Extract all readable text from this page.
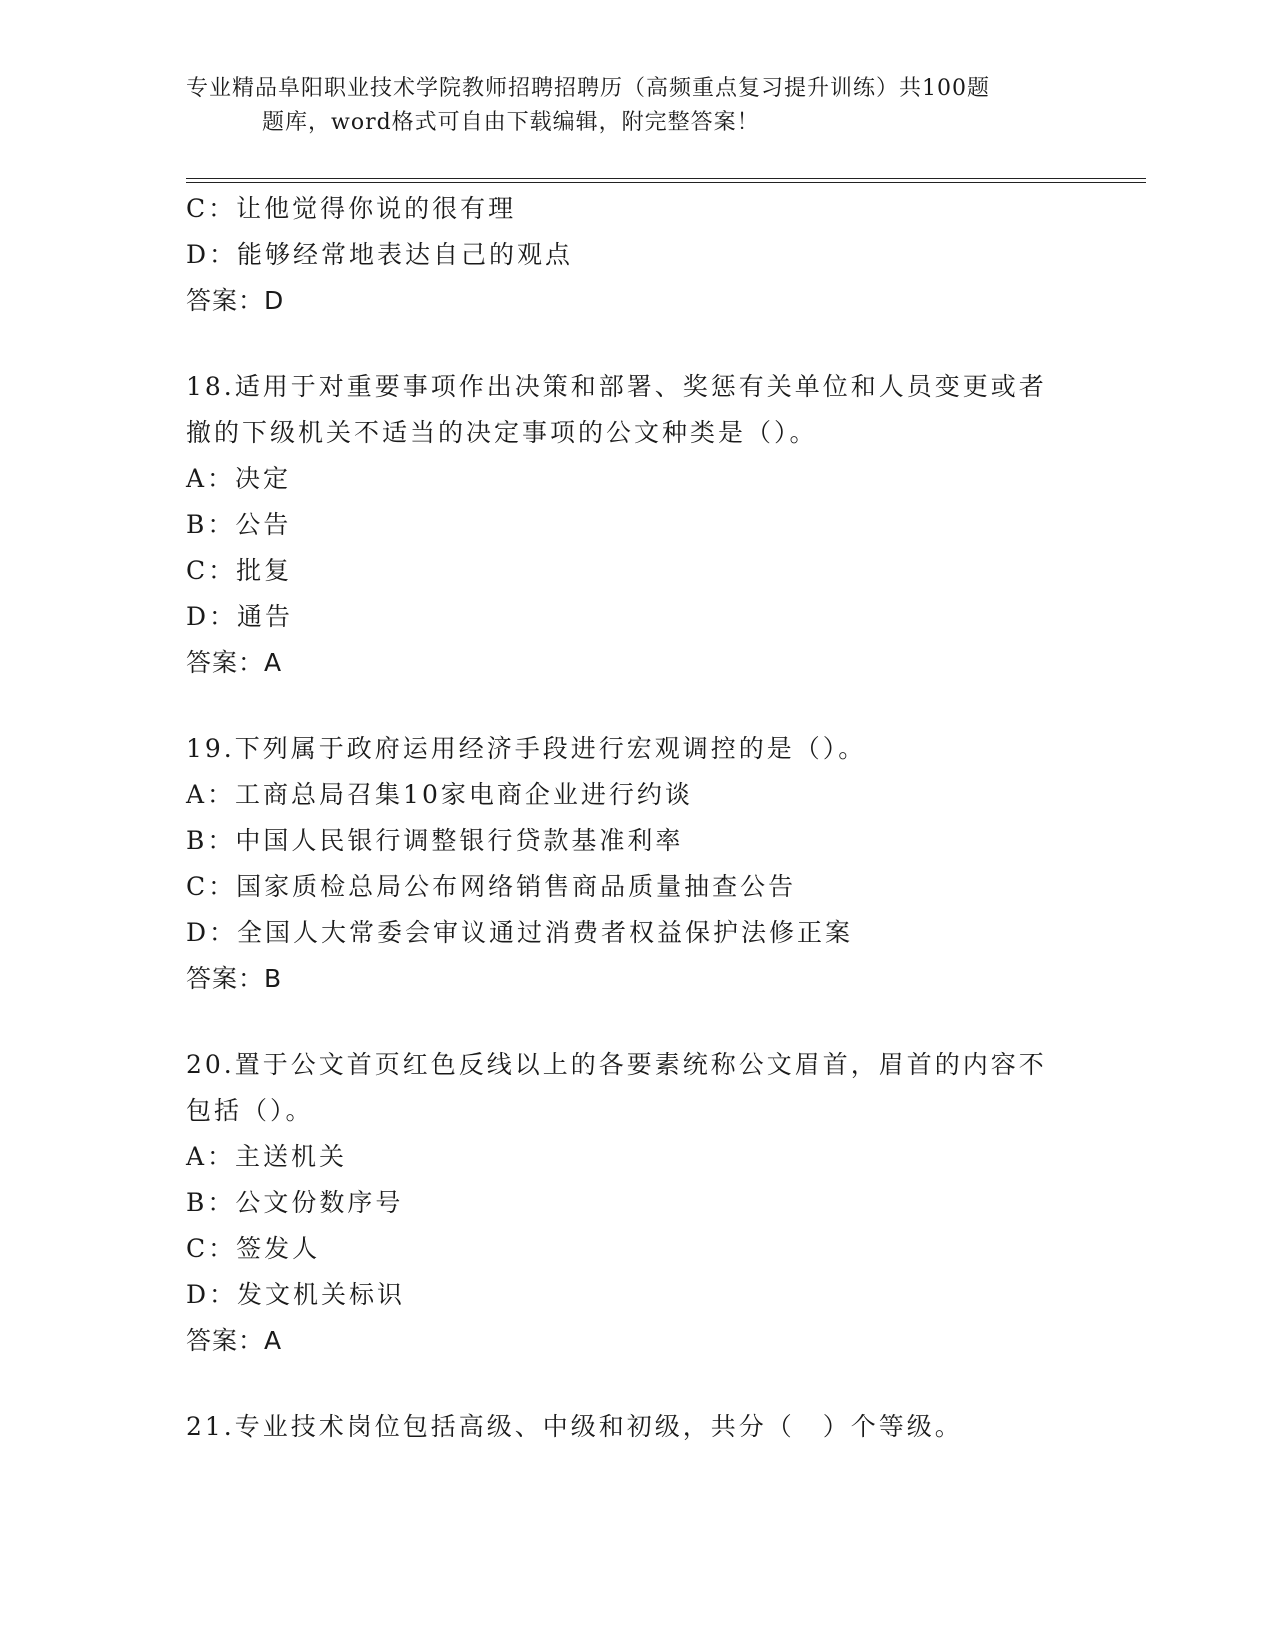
专业精品阜阳职业技术学院教师招聘招聘历（高频重点复习提升训练）共100题
题库，word格式可自由下载编辑，附完整答案！
C：让他觉得你说的很有理
D：能够经常地表达自己的观点
答案：D
18.适用于对重要事项作出决策和部署、奖惩有关单位和人员变更或者
撤的下级机关不适当的决定事项的公文种类是（）。
A：决定
B：公告
C：批复
D：通告
答案：A
19.下列属于政府运用经济手段进行宏观调控的是（）。
A：工商总局召集10家电商企业进行约谈
B：中国人民银行调整银行贷款基准利率
C：国家质检总局公布网络销售商品质量抽查公告
D：全国人大常委会审议通过消费者权益保护法修正案
答案：B
20.置于公文首页红色反线以上的各要素统称公文眉首，眉首的内容不
包括（）。
A：主送机关
B：公文份数序号
C：签发人
D：发文机关标识
答案：A
21.专业技术岗位包括高级、中级和初级，共分（　）个等级。
